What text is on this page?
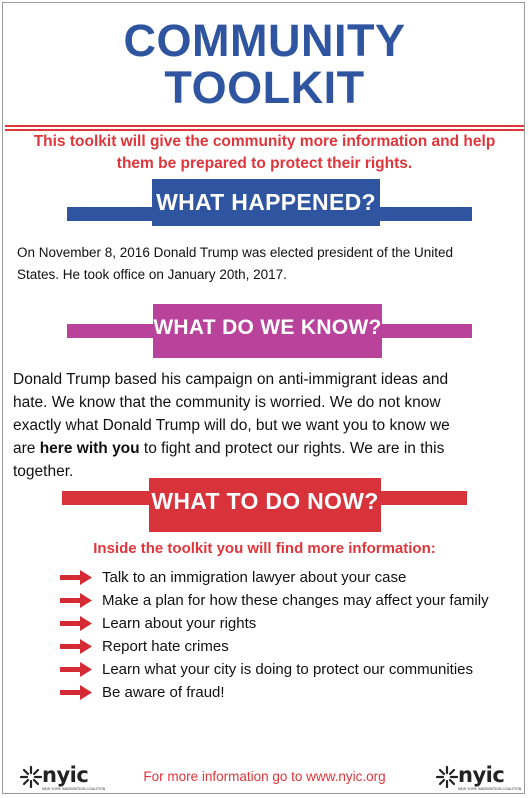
COMMUNITY
TOOLKIT
This toolkit will give the community more information and help
them be prepared to protect their rights.
WHAT HAPPENED?
On November 8, 2016 Donald Trump was elected president of the United
States. He took office on January 20th, 2017.
WHAT DO WE KNOW?
Donald Trump based his campaign on anti-immigrant ideas and
hate. We know that the community is worried. We do not know
exactly what Donald Trump will do, but we want you to know we
are here with you to fight and protect our rights. We are in this
together.
WHAT TO DO NOW?
Inside the toolkit you will find more information:
Talk to an immigration lawyer about your case
Make a plan for how these changes may affect your family
Learn about your rights
Report hate crimes
Learn what your city is doing to protect our communities
Be aware of fraud!
nyic
NEW YORK IMMIGRATION COALITION
For more information go to www.nyic.org	nyic
NEW YORK IMMIGRATION COALITION
